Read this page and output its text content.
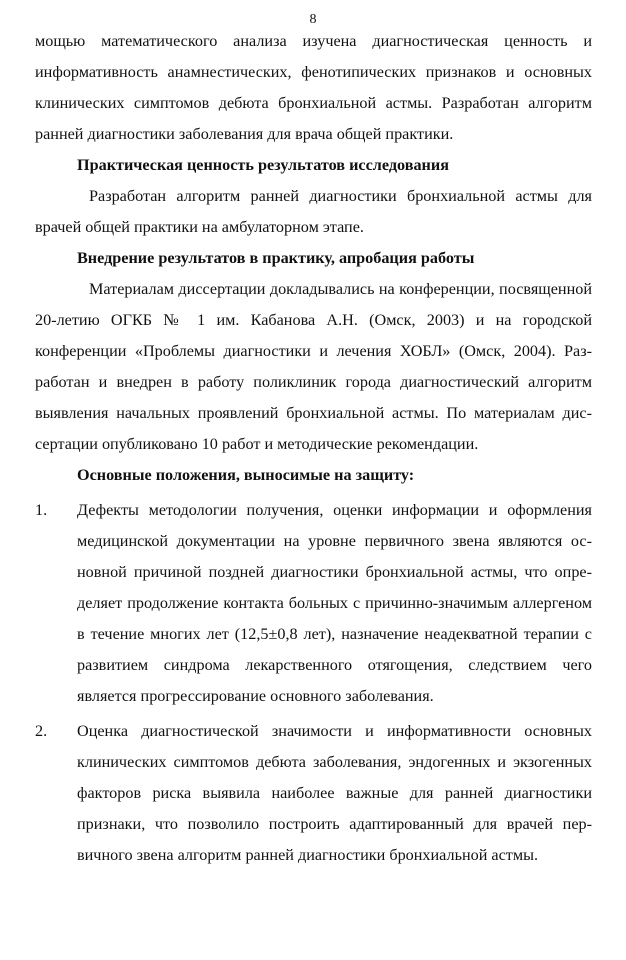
8

мощью математического анализа изучена диагностическая ценность и информативность анамнестических, фенотипических признаков и основных клинических симптомов дебюта бронхиальной астмы. Разработан алгоритм ранней диагностики заболевания для врача общей практики.

Практическая ценность результатов исследования

Разработан алгоритм ранней диагностики бронхиальной астмы для врачей общей практики на амбулаторном этапе.

Внедрение результатов в практику, апробация работы

Материалам диссертации докладывались на конференции, посвященной 20-летию ОГКБ № 1 им. Кабанова А.Н. (Омск, 2003) и на городской конференции «Проблемы диагностики и лечения ХОБЛ» (Омск, 2004). Разработан и внедрен в работу поликлиник города диагностический алгоритм выявления начальных проявлений бронхиальной астмы. По материалам диссертации опубликовано 10 работ и методические рекомендации.

Основные положения, выносимые на защиту:
1.	Дефекты методологии получения, оценки информации и оформления медицинской документации на уровне первичного звена являются основной причиной поздней диагностики бронхиальной астмы, что определяет продолжение контакта больных с причинно-значимым аллергеном в течение многих лет (12,5±0,8 лет), назначение неадекватной терапии с развитием синдрома лекарственного отягощения, следствием чего является прогрессирование основного заболевания.

2.	Оценка диагностической значимости и информативности основных клинических симптомов дебюта заболевания, эндогенных и экзогенных факторов риска выявила наиболее важные для ранней диагностики признаки, что позволило построить адаптированный для врачей первичного звена алгоритм ранней диагностики бронхиальной астмы.
